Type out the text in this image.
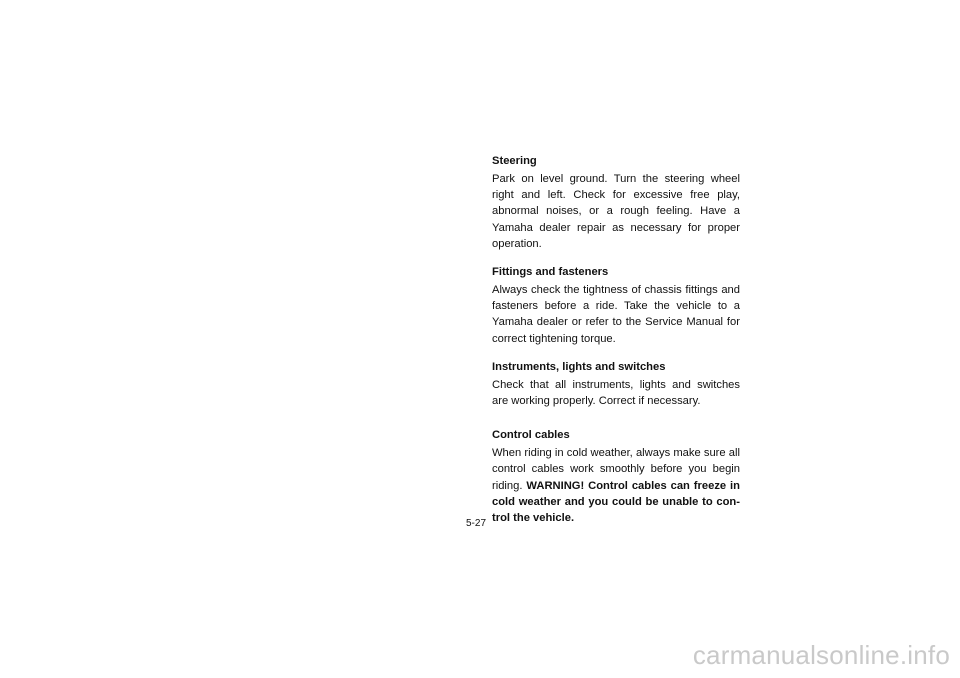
Steering

Park on level ground. Turn the steering wheel right and left. Check for excessive free play, abnormal noises, or a rough feeling. Have a Yamaha dealer repair as necessary for proper operation.

Fittings and fasteners

Always check the tightness of chassis fittings and fasteners before a ride. Take the vehicle to a Yamaha dealer or refer to the Service Manual for correct tightening torque.

Instruments, lights and switches

Check that all instruments, lights and switches are working properly. Correct if necessary.

Control cables

When riding in cold weather, always make sure all control cables work smoothly before you begin riding. WARNING! Control cables can freeze in cold weather and you could be unable to con-trol the vehicle.

5-27
carmanualsonline.info
